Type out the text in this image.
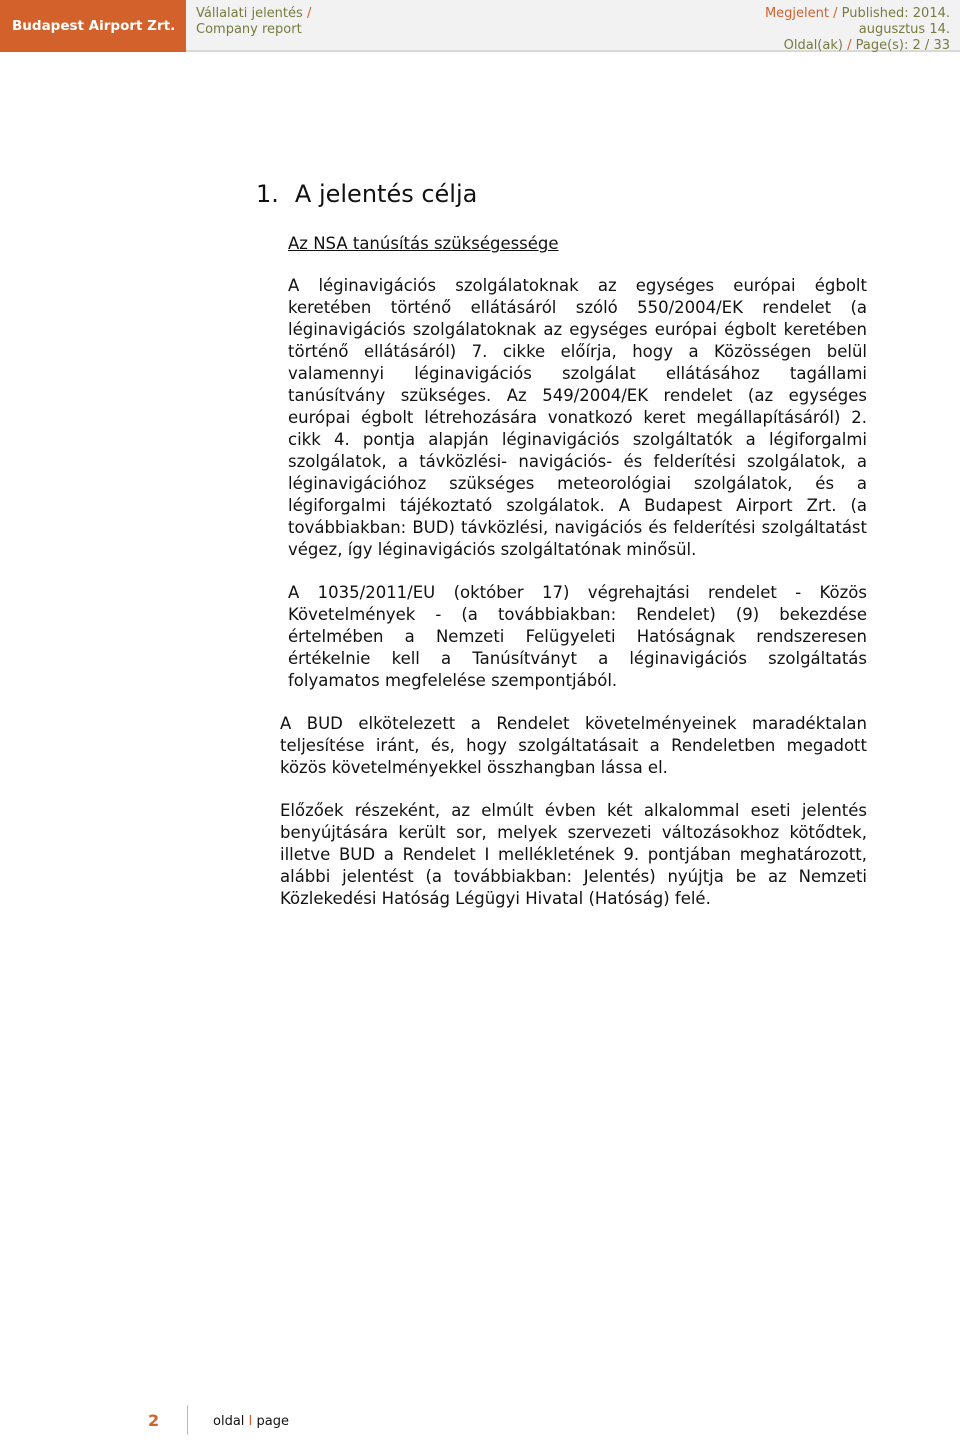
Budapest Airport Zrt.
Vállalati jelentés /
Company report
Megjelent / Published: 2014.
augusztus 14.
Oldal(ak) / Page(s): 2 / 33
1. A jelentés célja
Az NSA tanúsítás szükségessége

A léginavigációs szolgálatoknak az egységes európai égbolt keretében történő ellátásáról szóló 550/2004/EK rendelet (a léginavigációs szolgálatoknak az egységes európai égbolt keretében történő ellátásáról) 7. cikke előírja, hogy a Közösségen belül valamennyi léginavigációs szolgálat ellátásához tagállami tanúsítvány szükséges. Az 549/2004/EK rendelet (az egységes európai égbolt létrehozására vonatkozó keret megállapításáról) 2. cikk 4. pontja alapján léginavigációs szolgáltatók a légiforgalmi szolgálatok, a távközlési- navigációs- és felderítési szolgálatok, a léginavigációhoz szükséges meteorológiai szolgálatok, és a légiforgalmi tájékoztató szolgálatok. A Budapest Airport Zrt. (a továbbiakban: BUD) távközlési, navigációs és felderítési szolgáltatást végez, így léginavigációs szolgáltatónak minősül.

A 1035/2011/EU (október 17) végrehajtási rendelet - Közös Követelmények - (a továbbiakban: Rendelet) (9) bekezdése értelmében a Nemzeti Felügyeleti Hatóságnak rendszeresen értékelnie kell a Tanúsítványt a léginavigációs szolgáltatás folyamatos megfelelése szempontjából.

A BUD elkötelezett a Rendelet követelményeinek maradéktalan teljesítése iránt, és, hogy szolgáltatásait a Rendeletben megadott közös követelményekkel összhangban lássa el.

Előzőek részeként, az elmúlt évben két alkalommal eseti jelentés benyújtására került sor, melyek szervezeti változásokhoz kötődtek, illetve BUD a Rendelet I mellékletének 9. pontjában meghatározott, alábbi jelentést (a továbbiakban: Jelentés) nyújtja be az Nemzeti Közlekedési Hatóság Légügyi Hivatal (Hatóság) felé.

2	oldal I page
